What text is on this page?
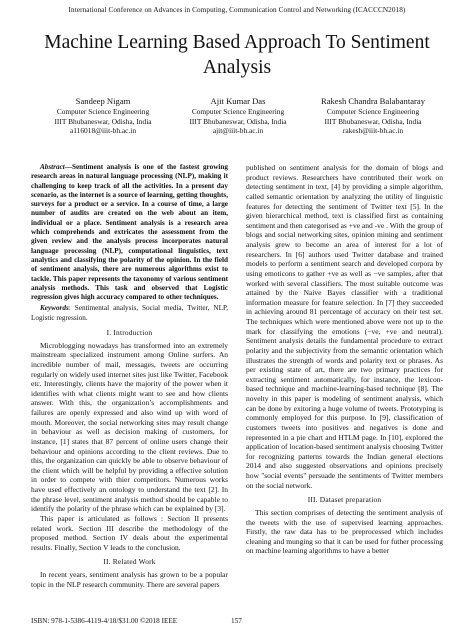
International Conference on Advances in Computing, Communication Control and Networking (ICACCCN2018)
Machine Learning Based Approach To Sentiment Analysis
Sandeep Nigam
Computer Science Engineering
IIIT Bhubaneswar, Odisha, India
a116018@iiit-bh.ac.in
Ajit Kumar Das
Computer Science Engineering
IIIT Bhubaneswar, Odisha, India
ajit@iiit-bh.ac.in
Rakesh Chandra Balabantaray
Computer Science Engineering
IIIT Bhubaneswar, Odisha, India
rakesh@iiit-bh.ac.in

Abstract—Sentiment analysis is one of the fastest growing research areas in natural language processing (NLP), making it challenging to keep track of all the activities. In a present day scenario, as the internet is a source of learning, getting thoughts, surveys for a product or a service. In a course of time, a large number of audits are created on the web about an item, individual or a place. Sentiment analysis is a research area which comprehends and extricates the assessment from the given review and the analysis process incorporates natural language processing (NLP), computational linguistics, text analytics and classifying the polarity of the opinion. In the field of sentiment analysis, there are numerous algorithms exist to tackle. This paper represents the taxonomy of various sentiment analysis methods. This task and observed that Logistic regression gives high accuracy compared to other techniques.

Keywords: Sentimental analysis, Social media, Twitter, NLP, Logistic regression.

I. Introduction

Microblogging nowadays has transformed into an extremely mainstream specialized instrument among Online surfers. An incredible number of mail, messages, tweets are occurring regularly on widely used internet sites just like Twitter, Facebook etc. Interestingly, clients have the majority of the power when it identifies with what clients might want to see and how clients answer. With this, the organization’s accomplishments and failures are openly expressed and also wind up with word of mouth. Moreover, the social networking sites may result change in behaviour as well as decision making of customers, for instance, [1] states that 87 percent of online users change their behaviour and opinions according to the client reviews. Due to this, the organization can quickly be able to observe behaviour of the client which will be helpful by providing a effective solution in order to compete with thier competitors. Numerous works have used effectively an ontology to understand the text [2]. In the phrase level, sentiment analysis method should be capable to identify the polarity of the phrase which can be explained by [3].

This paper is articulated as follows : Section II presents related work. Section III describe the methodology of the proposed method. Section IV deals about the experimental results. Finally, Section V leads to the conclusion.

II. Related Work

In recent years, sentiment analysis has grown to be a popular topic in the NLP research community. There are several papers

published on sentiment analysis for the domain of blogs and product reviews. Researchers have contributed their work on detecting sentiment in text, [4] by providing a simple algorithm, called semantic orientation by analyzing the utility of linguistic features for detecting the sentiment of Twitter text [5]. In the given hierarchical method, text is classified first as containing sentiment and then categorised as +ve and -ve . With the group of blogs and social networking sites, opinion mining and sentiment analysis grew to become an area of interest for a lot of researchers. In [6] authors used Twitter database and trained models to perform a sentiment search and developed corpora by using emoticons to gather +ve as well as −ve samples, after that worked with several classifiers. The most suitable outcome was attained by the Naive Bayes classifier with a traditional information measure for feature selection. In [7] they succeeded in achieving around 81 percentage of accuracy on their test set. The techniques which were mentioned above were not up to the mark for classifying the emotions (−ve, +ve and neutral). Sentiment analysis details the fundamental procedure to extract polarity and the subjectivity from the semantic orientation which illustrates the strength of words and polarity text or phrases. As per existing state of art, there are two primary practices for extracting sentiment automatically, for instance, the lexicon-based technique and machine-learning-based technique [8]. The novelty in this paper is modeling of sentiment analysis, which can be done by exitoring a huge volume of tweets. Prototyping is commonly employed for this purpose. In [9], classification of customers tweets into positives and negatives is done and represented in a pie chart and HTLM page. In [10], explored the application of location-based sentiment analysis choosing Twitter for recognizing patterns towards the Indian general elections 2014 and also suggested observations and opinions precisely how "social events" persuade the sentiments of Twitter members on the social network.

III. Dataset preparation

This section comprises of detecting the sentiment analysis of the tweets with the use of supervised learning approaches. Firstly, the raw data has to be preprocessed which includes cleaning and munging so that it can be used for futher processing on machine learning algorithms to have a better

ISBN: 978-1-5386-4119-4/18/$31.00 ©2018 IEEE	157
